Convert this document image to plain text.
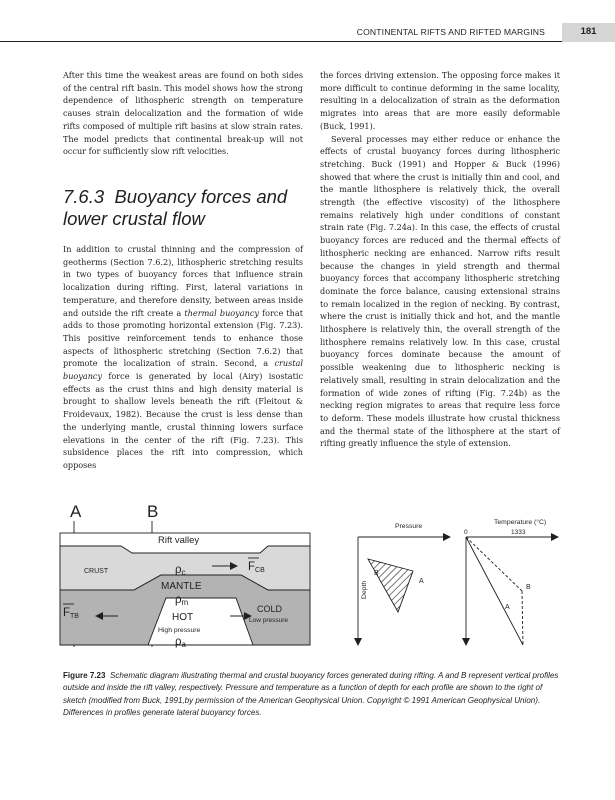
CONTINENTAL RIFTS AND RIFTED MARGINS	181

After this time the weakest areas are found on both sides of the central rift basin. This model shows how the strong dependence of lithospheric strength on temperature causes strain delocalization and the formation of wide rifts composed of multiple rift basins at slow strain rates. The model predicts that continental break-up will not occur for sufficiently slow rift velocities.

7.6.3 Buoyancy forces and
lower crustal flow

In addition to crustal thinning and the compression of geotherms (Section 7.6.2), lithospheric stretching results in two types of buoyancy forces that influence strain localization during rifting. First, lateral variations in temperature, and therefore density, between areas inside and outside the rift create a thermal buoyancy force that adds to those promoting horizontal extension (Fig. 7.23). This positive reinforcement tends to enhance those aspects of lithospheric stretching (Section 7.6.2) that promote the localization of strain. Second, a crustal buoyancy force is generated by local (Airy) isostatic effects as the crust thins and high density material is brought to shallow levels beneath the rift (Fleitout & Froidevaux, 1982). Because the crust is less dense than the underlying mantle, crustal thinning lowers surface elevations in the center of the rift (Fig. 7.23). This subsidence places the rift into compression, which opposes

the forces driving extension. The opposing force makes it more difficult to continue deforming in the same locality, resulting in a delocalization of strain as the deformation migrates into areas that are more easily deformable (Buck, 1991).

Several processes may either reduce or enhance the effects of crustal buoyancy forces during lithospheric stretching. Buck (1991) and Hopper & Buck (1996) showed that where the crust is initially thin and cool, and the mantle lithosphere is relatively thick, the overall strength (the effective viscosity) of the lithosphere remains relatively high under conditions of constant strain rate (Fig. 7.24a). In this case, the effects of crustal buoyancy forces are reduced and the thermal effects of lithospheric necking are enhanced. Narrow rifts result because the changes in yield strength and thermal buoyancy forces that accompany lithospheric stretching dominate the force balance, causing extensional strains to remain localized in the region of necking. By contrast, where the crust is initially thick and hot, and the mantle lithosphere is relatively thin, the overall strength of the lithosphere remains relatively low. In this case, crustal buoyancy forces dominate because the amount of possible weakening due to lithospheric necking is relatively small, resulting in strain delocalization and the formation of wide zones of rifting (Fig. 7.24b) as the necking region migrates to areas that require less force to deform. These models illustrate how crustal thickness and the thermal state of the lithosphere at the start of rifting greatly influence the style of extension.

A	B
Rift valley
CRUST	ρc	FCB
MANTLE
ρm
FTB	HOT
High pressure
ρa
COLD
Low pressure
Pressure
Depth
B
A
Temperature (°C)
0	1333
B
A
Figure 7.23 Schematic diagram illustrating thermal and crustal buoyancy forces generated during rifting. A and B represent vertical profiles outside and inside the rift valley, respectively. Pressure and temperature as a function of depth for each profile are shown to the right of sketch (modified from Buck, 1991,by permission of the American Geophysical Union. Copyright © 1991 American Geophysical Union). Differences in profiles generate lateral buoyancy forces.
